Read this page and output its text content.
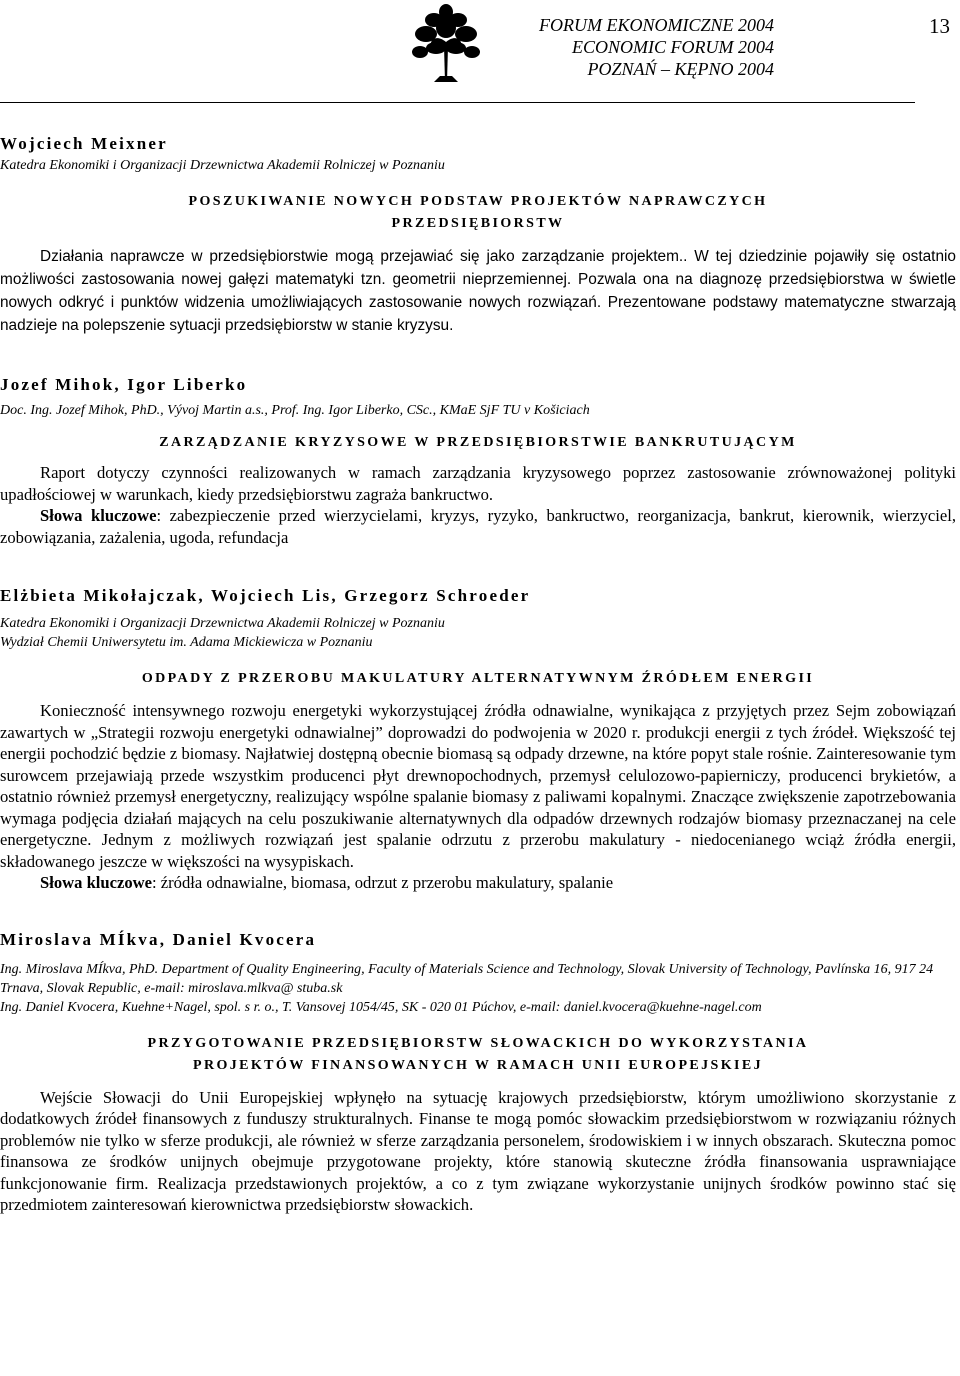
FORUM EKONOMICZNE 2004
ECONOMIC FORUM 2004
POZNAŃ – KĘPNO 2004
13

Wojciech Meixner

Katedra Ekonomiki i Organizacji Drzewnictwa Akademii Rolniczej w Poznaniu

POSZUKIWANIE NOWYCH PODSTAW PROJEKTÓW NAPRAWCZYCH

PRZEDSIĘBIORSTW

Działania naprawcze w przedsiębiorstwie mogą przejawiać się jako zarządzanie projektem.. W tej dziedzinie pojawiły się ostatnio możliwości zastosowania nowej gałęzi matematyki tzn. geometrii nieprzemiennej. Pozwala ona na diagnozę przedsiębiorstwa w świetle nowych odkryć i punktów widzenia umożliwiających zastosowanie nowych rozwiązań. Prezentowane podstawy matematyczne stwarzają nadzieje na polepszenie sytuacji przedsiębiorstw w stanie kryzysu.

Jozef Mihok, Igor Liberko

Doc. Ing. Jozef Mihok, PhD., Vývoj Martin a.s., Prof. Ing. Igor Liberko, CSc., KMaE SjF TU v Košiciach

ZARZĄDZANIE KRYZYSOWE W PRZEDSIĘBIORSTWIE BANKRUTUJĄCYM

Raport dotyczy czynności realizowanych w ramach zarządzania kryzysowego poprzez zastosowanie zrównoważonej polityki upadłościowej w warunkach, kiedy przedsiębiorstwu zagraża bankructwo.

Słowa kluczowe: zabezpieczenie przed wierzycielami, kryzys, ryzyko, bankructwo, reorganizacja, bankrut, kierownik, wierzyciel, zobowiązania, zażalenia, ugoda, refundacja

Elżbieta Mikołajczak, Wojciech Lis, Grzegorz Schroeder

Katedra Ekonomiki i Organizacji Drzewnictwa Akademii Rolniczej w Poznaniu

Wydział Chemii Uniwersytetu im. Adama Mickiewicza w Poznaniu

ODPADY Z PRZEROBU MAKULATURY ALTERNATYWNYM ŹRÓDŁEM ENERGII

Konieczność intensywnego rozwoju energetyki wykorzystującej źródła odnawialne, wynikająca z przyjętych przez Sejm zobowiązań zawartych w „Strategii rozwoju energetyki odnawialnej” doprowadzi do podwojenia w 2020 r. produkcji energii z tych źródeł. Większość tej energii pochodzić będzie z biomasy. Najłatwiej dostępną obecnie biomasą są odpady drzewne, na które popyt stale rośnie. Zainteresowanie tym surowcem przejawiają przede wszystkim producenci płyt drewnopochodnych, przemysł celulozowo-papierniczy, producenci brykietów, a ostatnio również przemysł energetyczny, realizujący wspólne spalanie biomasy z paliwami kopalnymi. Znaczące zwiększenie zapotrzebowania wymaga podjęcia działań mających na celu poszukiwanie alternatywnych dla odpadów drzewnych rodzajów biomasy przeznaczanej na cele energetyczne. Jednym z możliwych rozwiązań jest spalanie odrzutu z przerobu makulatury - niedocenianego wciąż źródła energii, składowanego jeszcze w większości na wysypiskach.

Słowa kluczowe: źródła odnawialne, biomasa, odrzut z przerobu makulatury, spalanie

Miroslava MÍkva, Daniel Kvocera

Ing. Miroslava MÍkva, PhD. Department of Quality Engineering, Faculty of Materials Science and Technology, Slovak University of Technology, Pavlínska 16, 917 24 Trnava, Slovak Republic, e-mail: miroslava.mlkva@ stuba.sk

Ing. Daniel Kvocera, Kuehne+Nagel, spol. s r. o., T. Vansovej 1054/45, SK - 020 01 Púchov, e-mail: daniel.kvocera@kuehne-nagel.com

PRZYGOTOWANIE PRZEDSIĘBIORSTW SŁOWACKICH DO WYKORZYSTANIA

PROJEKTÓW FINANSOWANYCH W RAMACH UNII EUROPEJSKIEJ

Wejście Słowacji do Unii Europejskiej wpłynęło na sytuację krajowych przedsiębiorstw, którym umożliwiono skorzystanie z dodatkowych źródeł finansowych z funduszy strukturalnych. Finanse te mogą pomóc słowackim przedsiębiorstwom w rozwiązaniu różnych problemów nie tylko w sferze produkcji, ale również w sferze zarządzania personelem, środowiskiem i w innych obszarach. Skuteczna pomoc finansowa ze środków unijnych obejmuje przygotowane projekty, które stanowią skuteczne źródła finansowania usprawniające funkcjonowanie firm. Realizacja przedstawionych projektów, a co z tym związane wykorzystanie unijnych środków powinno stać się przedmiotem zainteresowań kierownictwa przedsiębiorstw słowackich.
